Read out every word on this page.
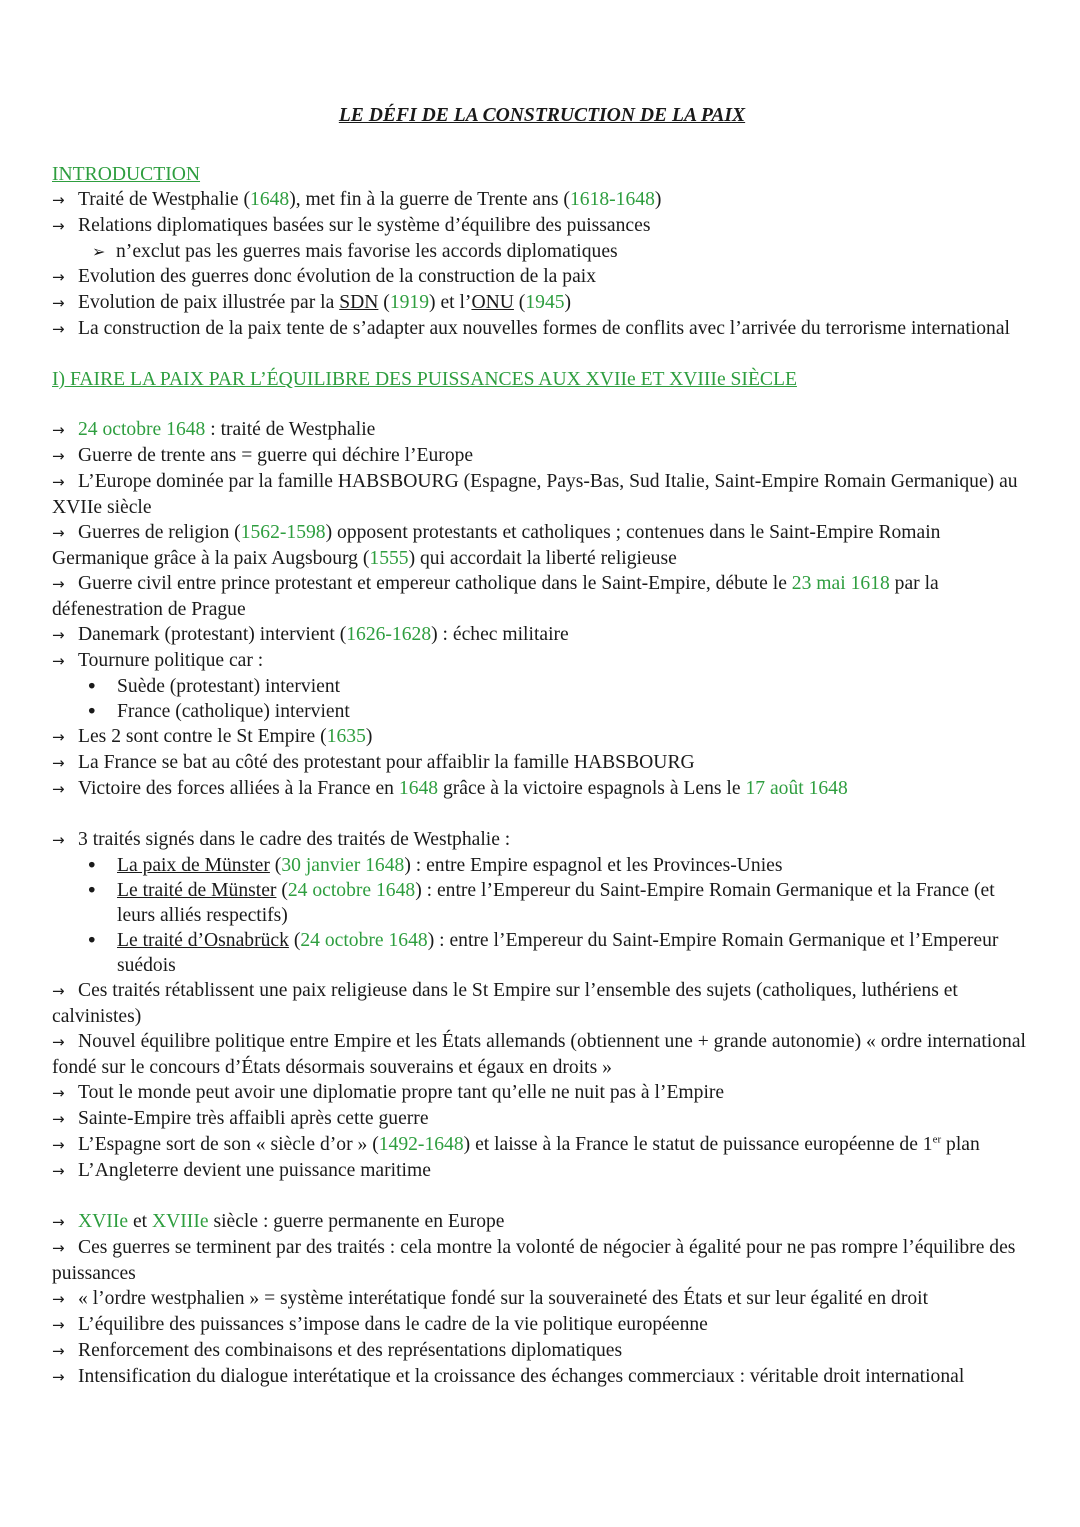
LE DÉFI DE LA CONSTRUCTION DE LA PAIX
INTRODUCTION
→ Traité de Westphalie (1648), met fin à la guerre de Trente ans (1618-1648)
→ Relations diplomatiques basées sur le système d’équilibre des puissances
➢ n’exclut pas les guerres mais favorise les accords diplomatiques
→ Evolution des guerres donc évolution de la construction de la paix
→ Evolution de paix illustrée par la SDN (1919) et l’ONU (1945)
→ La construction de la paix tente de s’adapter aux nouvelles formes de conflits avec l’arrivée du terrorisme international
I) FAIRE LA PAIX PAR L’ÉQUILIBRE DES PUISSANCES AUX XVIIe ET XVIIIe SIÈCLE
→ 24 octobre 1648 : traité de Westphalie
→ Guerre de trente ans = guerre qui déchire l’Europe
→ L’Europe dominée par la famille HABSBOURG (Espagne, Pays-Bas, Sud Italie, Saint-Empire Romain Germanique) au XVIIe siècle
→ Guerres de religion (1562-1598) opposent protestants et catholiques ; contenues dans le Saint-Empire Romain Germanique grâce à la paix Augsbourg (1555) qui accordait la liberté religieuse
→ Guerre civil entre prince protestant et empereur catholique dans le Saint-Empire, débute le 23 mai 1618 par la défenestration de Prague
→ Danemark (protestant) intervient (1626-1628) : échec militaire
→ Tournure politique car :
• Suède (protestant) intervient
• France (catholique) intervient
→ Les 2 sont contre le St Empire (1635)
→ La France se bat au côté des protestant pour affaiblir la famille HABSBOURG
→ Victoire des forces alliées à la France en 1648 grâce à la victoire espagnols à Lens le 17 août 1648
→ 3 traités signés dans le cadre des traités de Westphalie :
• La paix de Münster (30 janvier 1648) : entre Empire espagnol et les Provinces-Unies
• Le traité de Münster (24 octobre 1648) : entre l’Empereur du Saint-Empire Romain Germanique et la France (et leurs alliés respectifs)
• Le traité d’Osnabrück (24 octobre 1648) : entre l’Empereur du Saint-Empire Romain Germanique et l’Empereur suédois
→ Ces traités rétablissent une paix religieuse dans le St Empire sur l’ensemble des sujets (catholiques, luthériens et calvinistes)
→ Nouvel équilibre politique entre Empire et les États allemands (obtiennent une + grande autonomie) « ordre international fondé sur le concours d’États désormais souverains et égaux en droits »
→ Tout le monde peut avoir une diplomatie propre tant qu’elle ne nuit pas à l’Empire
→ Sainte-Empire très affaibli après cette guerre
→ L’Espagne sort de son « siècle d’or » (1492-1648) et laisse à la France le statut de puissance européenne de 1er plan
→ L’Angleterre devient une puissance maritime
→ XVIIe et XVIIIe siècle : guerre permanente en Europe
→ Ces guerres se terminent par des traités : cela montre la volonté de négocier à égalité pour ne pas rompre l’équilibre des puissances
→ « l’ordre westphalien » = système interétatique fondé sur la souveraineté des États et sur leur égalité en droit
→ L’équilibre des puissances s’impose dans le cadre de la vie politique européenne
→ Renforcement des combinaisons et des représentations diplomatiques
→ Intensification du dialogue interétatique et la croissance des échanges commerciaux : véritable droit international
